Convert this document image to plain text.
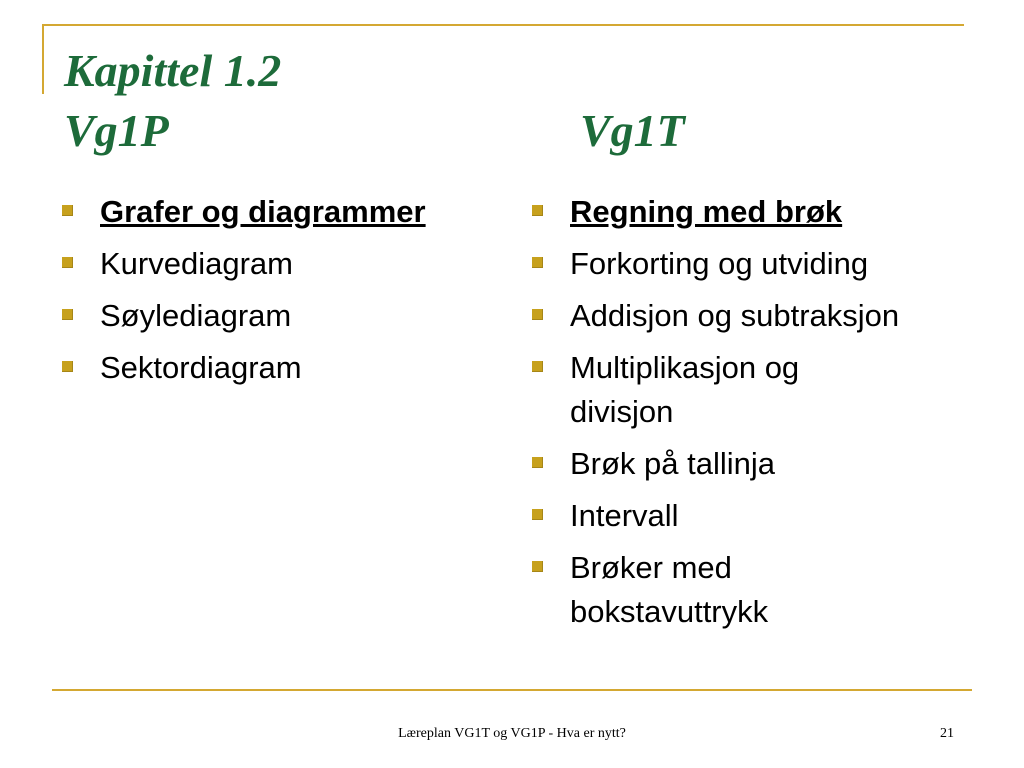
Kapittel 1.2
Vg1P	Vg1T
Grafer og diagrammer
Kurvediagram
Søylediagram
Sektordiagram
Regning med brøk
Forkorting og utviding
Addisjon og subtraksjon
Multiplikasjon og divisjon
Brøk på tallinja
Intervall
Brøker med bokstavuttrykk
Læreplan VG1T og VG1P - Hva er nytt?	21
